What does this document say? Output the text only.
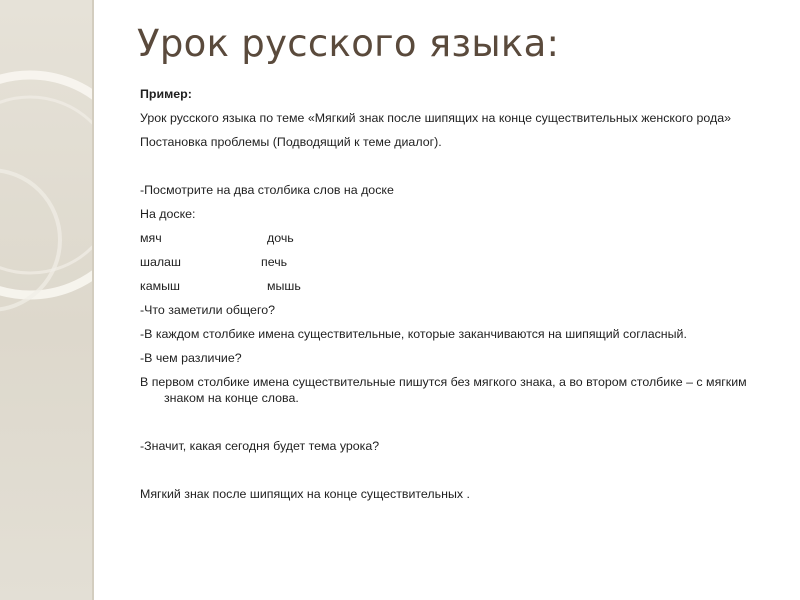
Урок русского языка:

Пример:

Урок русского языка по теме «Мягкий знак после шипящих на конце существительных женского рода»

Постановка проблемы (Подводящий к теме диалог).

-Посмотрите на два столбика слов на доске

На доске:

мяч	дочь
шалаш	печь
камыш	мышь

-Что заметили общего?

-В каждом столбике имена существительные, которые заканчиваются на шипящий согласный.

-В чем различие?

В первом столбике имена существительные пишутся без мягкого знака, а во втором столбике – с мягким знаком на конце слова.

-Значит, какая сегодня будет тема урока?

Мягкий знак после шипящих на конце существительных .
